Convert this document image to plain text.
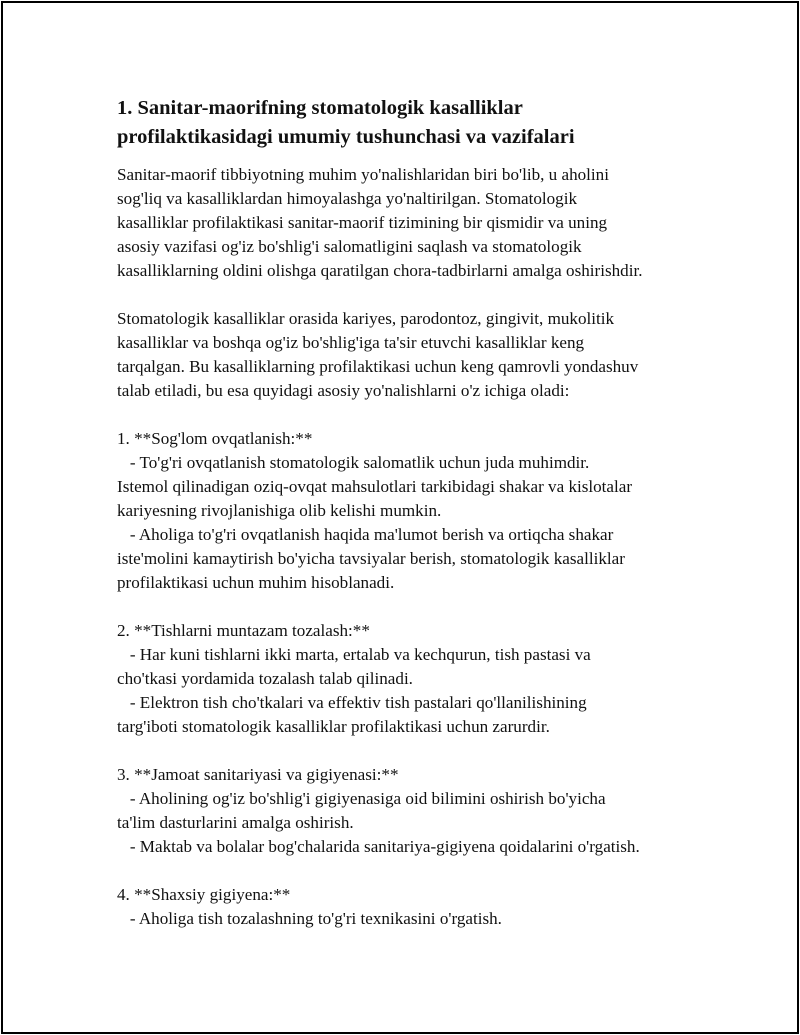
1. Sanitar-maorifning stomatologik kasalliklar
profilaktikasidagi umumiy tushunchasi va vazifalari
Sanitar-maorif tibbiyotning muhim yo'nalishlaridan biri bo'lib, u aholini
sog'liq va kasalliklardan himoyalashga yo'naltirilgan. Stomatologik
kasalliklar profilaktikasi sanitar-maorif tizimining bir qismidir va uning
asosiy vazifasi og'iz bo'shlig'i salomatligini saqlash va stomatologik
kasalliklarning oldini olishga qaratilgan chora-tadbirlarni amalga oshirishdir.
Stomatologik kasalliklar orasida kariyes, parodontoz, gingivit, mukolitik
kasalliklar va boshqa og'iz bo'shlig'iga ta'sir etuvchi kasalliklar keng
tarqalgan. Bu kasalliklarning profilaktikasi uchun keng qamrovli yondashuv
talab etiladi, bu esa quyidagi asosiy yo'nalishlarni o'z ichiga oladi:
1. **Sog'lom ovqatlanish:**
- To'g'ri ovqatlanish stomatologik salomatlik uchun juda muhimdir.
Istemol qilinadigan oziq-ovqat mahsulotlari tarkibidagi shakar va kislotalar
kariyesning rivojlanishiga olib kelishi mumkin.
- Aholiga to'g'ri ovqatlanish haqida ma'lumot berish va ortiqcha shakar
iste'molini kamaytirish bo'yicha tavsiyalar berish, stomatologik kasalliklar
profilaktikasi uchun muhim hisoblanadi.
2. **Tishlarni muntazam tozalash:**
- Har kuni tishlarni ikki marta, ertalab va kechqurun, tish pastasi va
cho'tkasi yordamida tozalash talab qilinadi.
- Elektron tish cho'tkalari va effektiv tish pastalari qo'llanilishining
targ'iboti stomatologik kasalliklar profilaktikasi uchun zarurdir.
3. **Jamoat sanitariyasi va gigiyenasi:**
- Aholining og'iz bo'shlig'i gigiyenasiga oid bilimini oshirish bo'yicha
ta'lim dasturlarini amalga oshirish.
- Maktab va bolalar bog'chalarida sanitariya-gigiyena qoidalarini o'rgatish.
4. **Shaxsiy gigiyena:**
- Aholiga tish tozalashning to'g'ri texnikasini o'rgatish.
